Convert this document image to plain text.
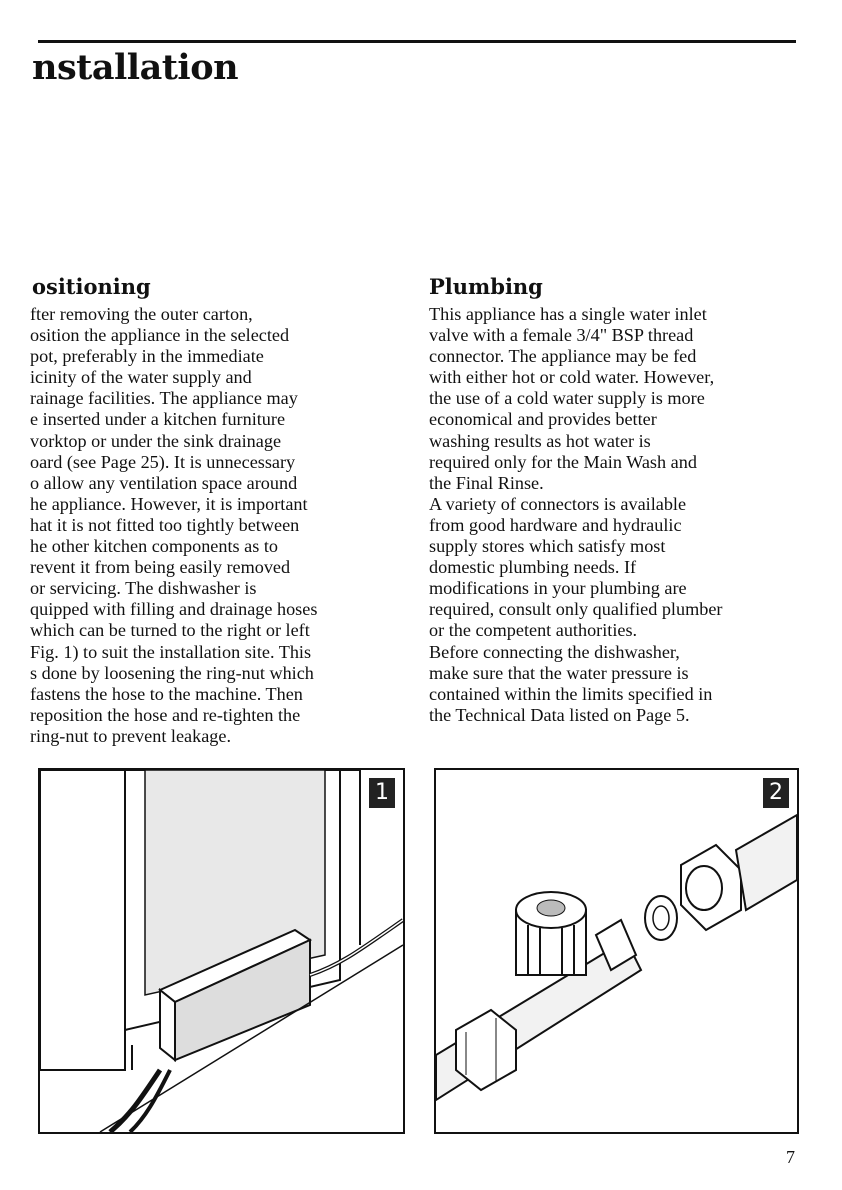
nstallation
ositioning	Plumbing
fter removing the outer carton,
osition the appliance in the selected
pot, preferably in the immediate
icinity of the water supply and
rainage facilities. The appliance may
e inserted under a kitchen furniture
vorktop or under the sink drainage
oard (see Page 25). It is unnecessary
o allow any ventilation space around
he appliance. However, it is important
hat it is not fitted too tightly between
he other kitchen components as to
revent it from being easily removed
or servicing. The dishwasher is
quipped with filling and drainage hoses
which can be turned to the right or left
Fig. 1) to suit the installation site. This
s done by loosening the ring-nut which
fastens the hose to the machine. Then
reposition the hose and re-tighten the
ring-nut to prevent leakage.
This appliance has a single water inlet
valve with a female 3/4" BSP thread
connector. The appliance may be fed
with either hot or cold water. However,
the use of a cold water supply is more
economical and provides better
washing results as hot water is
required only for the Main Wash and
the Final Rinse.
A variety of connectors is available
from good hardware and hydraulic
supply stores which satisfy most
domestic plumbing needs. If
modifications in your plumbing are
required, consult only qualified plumber
or the competent authorities.
Before connecting the dishwasher,
make sure that the water pressure is
contained within the limits specified in
the Technical Data listed on Page 5.
1	2
7
